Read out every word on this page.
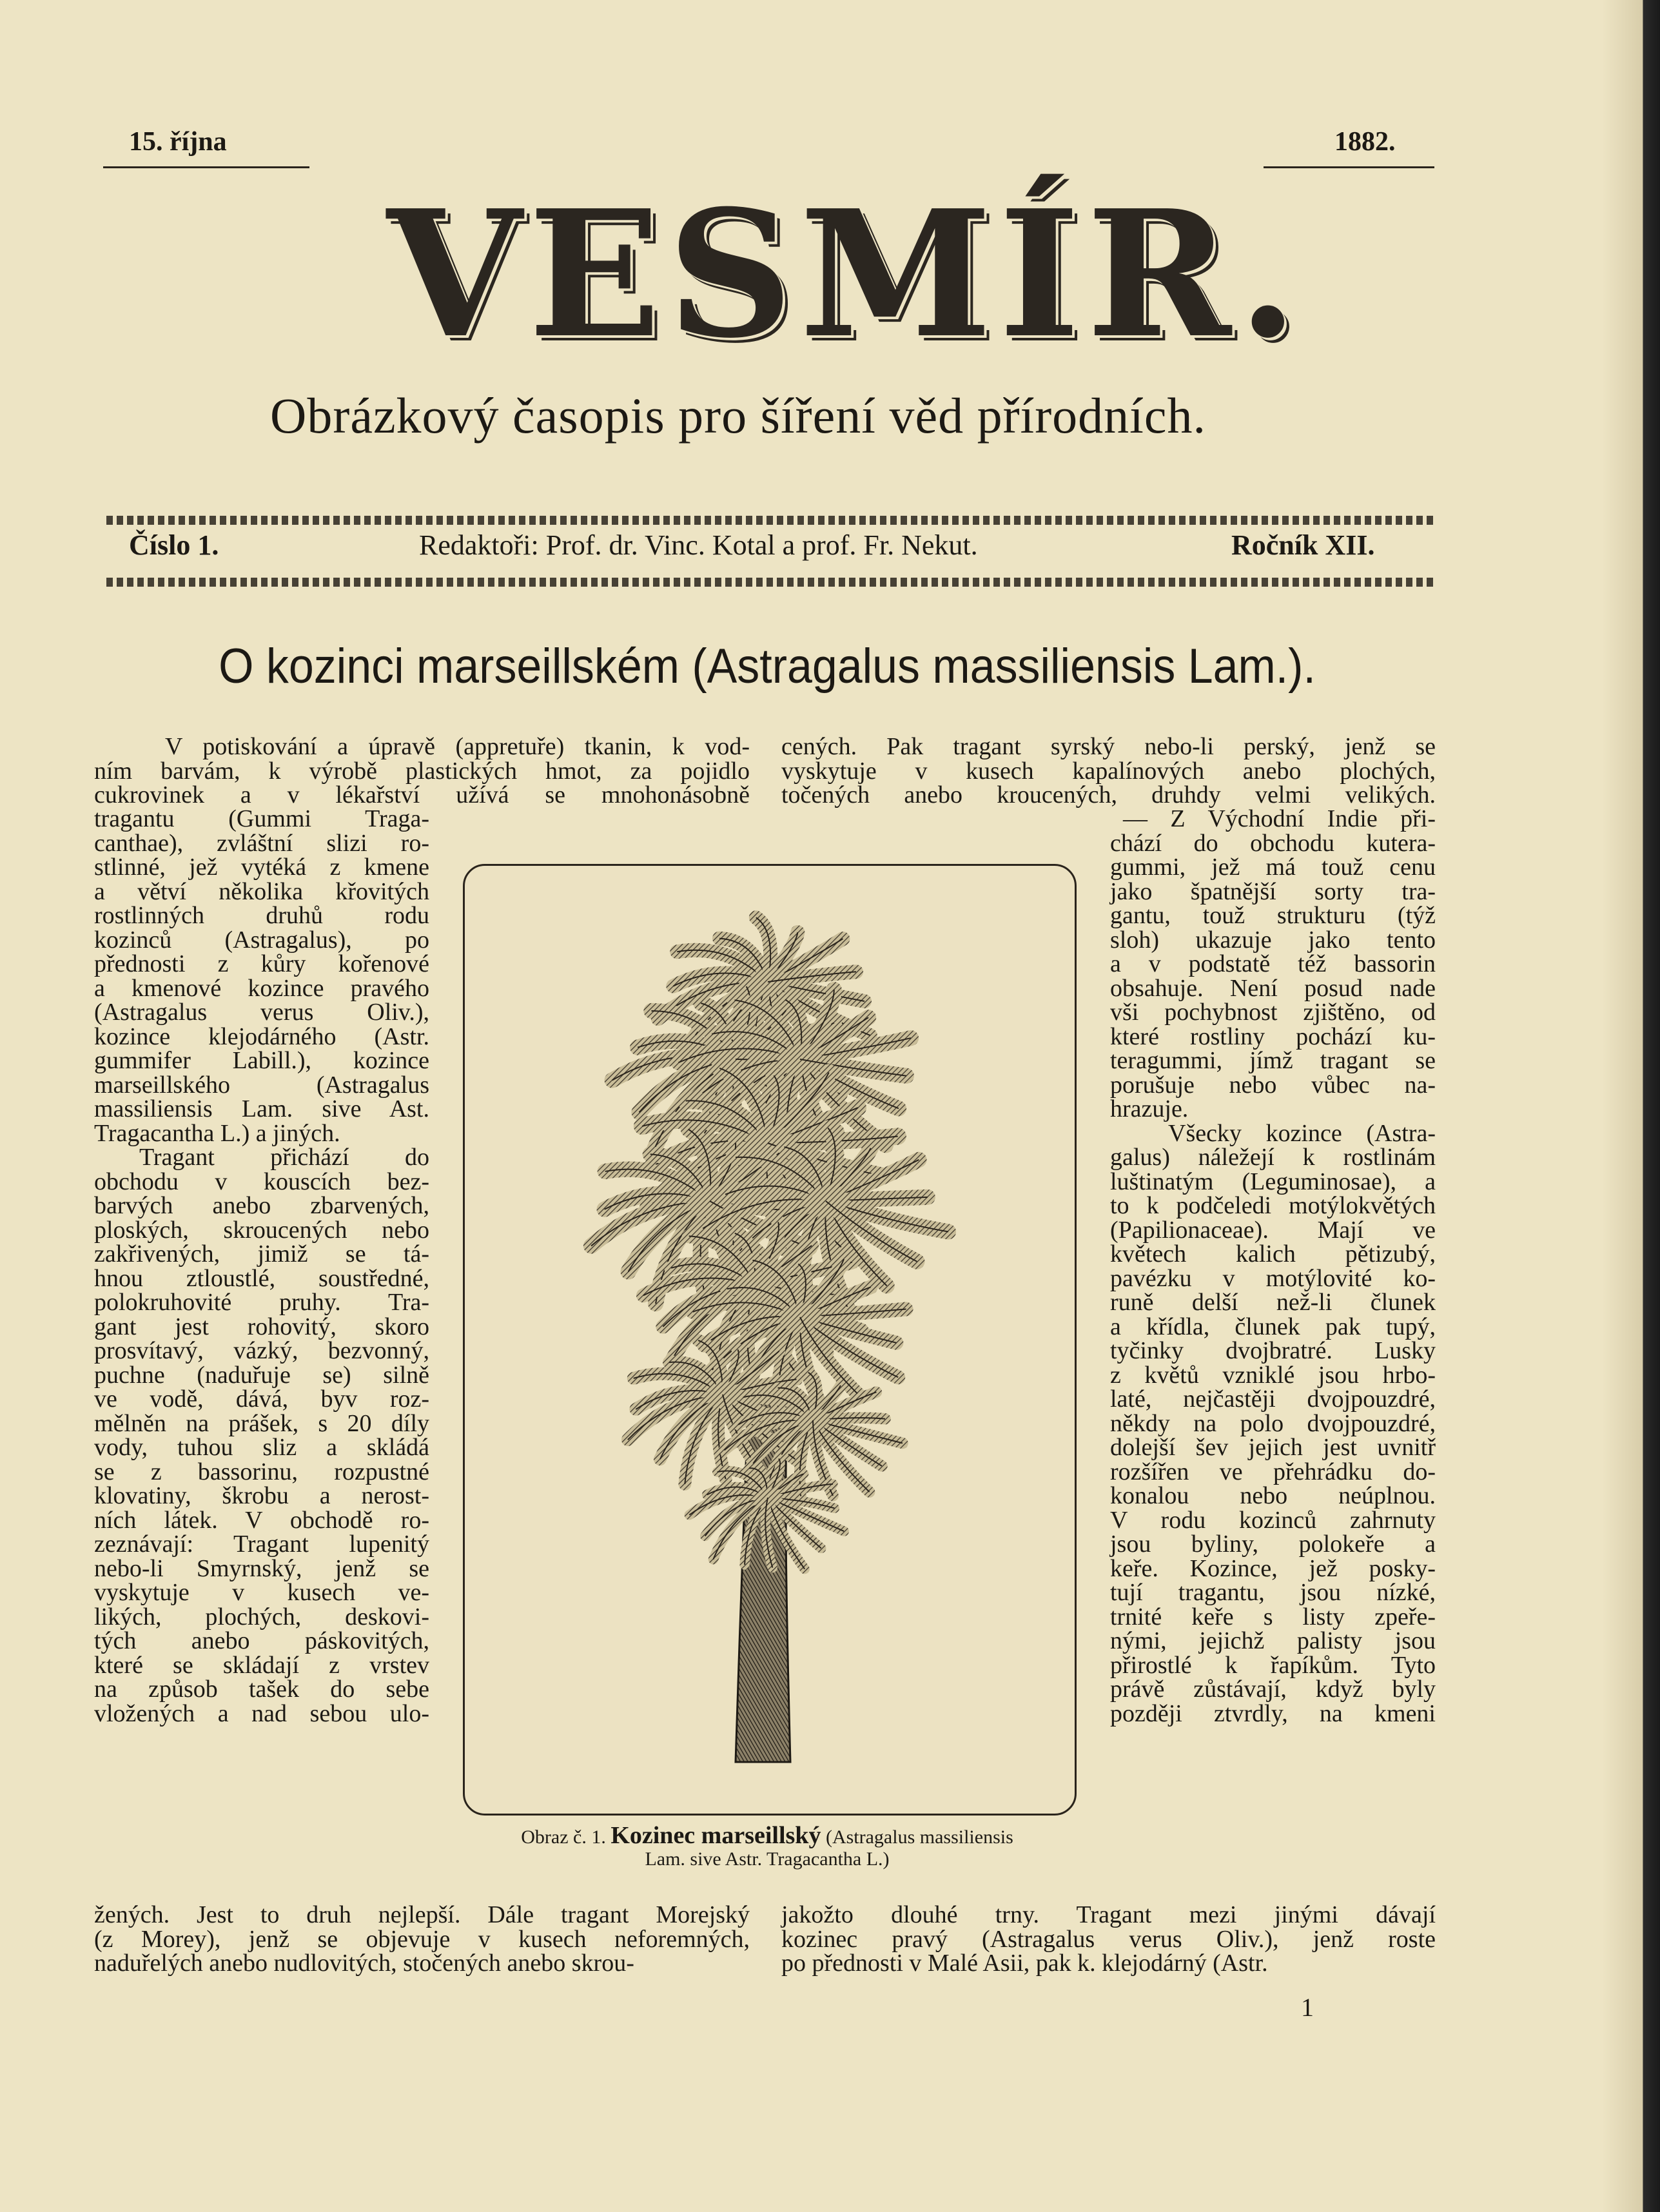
15. října	1882.
VESMÍR.
Obrázkový časopis pro šíření věd přírodních.
Číslo 1.	Redaktoři: Prof. dr. Vinc. Kotal a prof. Fr. Nekut.	Ročník XII.
O kozinci marseillském (Astragalus massiliensis Lam.).
V potiskování a úpravě (appretuře) tkanin, k vod-
ním barvám, k výrobě plastických hmot, za pojidlo
cukrovinek a v lékařství užívá se mnohonásobně
tragantu (Gummi Traga-
canthae), zvláštní slizi ro-
stlinné, jež vytéká z kmene
a větví několika křovitých
rostlinných druhů rodu
kozinců (Astragalus), po
přednosti z kůry kořenové
a kmenové kozince pravého
(Astragalus verus Oliv.),
kozince klejodárného (Astr.
gummifer Labill.), kozince
marseillského (Astragalus
massiliensis Lam. sive Ast.
Tragacantha L.) a jiných.
Tragant přichází do
obchodu v kouscích bez-
barvých anebo zbarvených,
ploských, skroucených nebo
zakřivených, jimiž se tá-
hnou ztloustlé, soustředné,
polokruhovité pruhy. Tra-
gant jest rohovitý, skoro
prosvítavý, vázký, bezvonný,
puchne (naduřuje se) silně
ve vodě, dává, byv roz-
mělněn na prášek, s 20 díly
vody, tuhou sliz a skládá
se z bassorinu, rozpustné
klovatiny, škrobu a nerost-
ních látek. V obchodě ro-
zeznávají: Tragant lupenitý
nebo-li Smyrnský, jenž se
vyskytuje v kusech ve-
likých, plochých, deskovi-
tých anebo páskovitých,
které se skládají z vrstev
na způsob tašek do sebe
vložených a nad sebou ulo-
žených. Jest to druh nejlepší. Dále tragant Morejský
(z Morey), jenž se objevuje v kusech neforemných,
naduřelých anebo nudlovitých, stočených anebo skrou-
cených. Pak tragant syrský nebo-li perský, jenž se
vyskytuje v kusech kapalínových anebo plochých,
točených anebo kroucených, druhdy velmi velikých.
— Z Východní Indie při-
chází do obchodu kutera-
gummi, jež má touž cenu
jako špatnější sorty tra-
gantu, touž strukturu (týž
sloh) ukazuje jako tento
a v podstatě též bassorin
obsahuje. Není posud nade
vši pochybnost zjištěno, od
které rostliny pochází ku-
teragummi, jímž tragant se
porušuje nebo vůbec na-
hrazuje.
Všecky kozince (Astra-
galus) náležejí k rostlinám
luštinatým (Leguminosae), a
to k podčeledi motýlokvětých
(Papilionaceae). Mají ve
květech kalich pětizubý,
pavézku v motýlovité ko-
runě delší než-li člunek
a křídla, člunek pak tupý,
tyčinky dvojbratré. Lusky
z květů vzniklé jsou hrbo-
laté, nejčastěji dvojpouzdré,
někdy na polo dvojpouzdré,
dolejší šev jejich jest uvnitř
rozšířen ve přehrádku do-
konalou nebo neúplnou.
V rodu kozinců zahrnuty
jsou byliny, polokeře a
keře. Kozince, jež posky-
tují tragantu, jsou nízké,
trnité keře s listy zpeře-
nými, jejichž palisty jsou
přirostlé k řapíkům. Tyto
právě zůstávají, když byly
později ztvrdly, na kmeni
jakožto dlouhé trny. Tragant mezi jinými dávají
kozinec pravý (Astragalus verus Oliv.), jenž roste
po přednosti v Malé Asii, pak k. klejodárný (Astr.
Obraz č. 1. Kozinec marseillský (Astragalus massiliensis
Lam. sive Astr. Tragacantha L.)
1
